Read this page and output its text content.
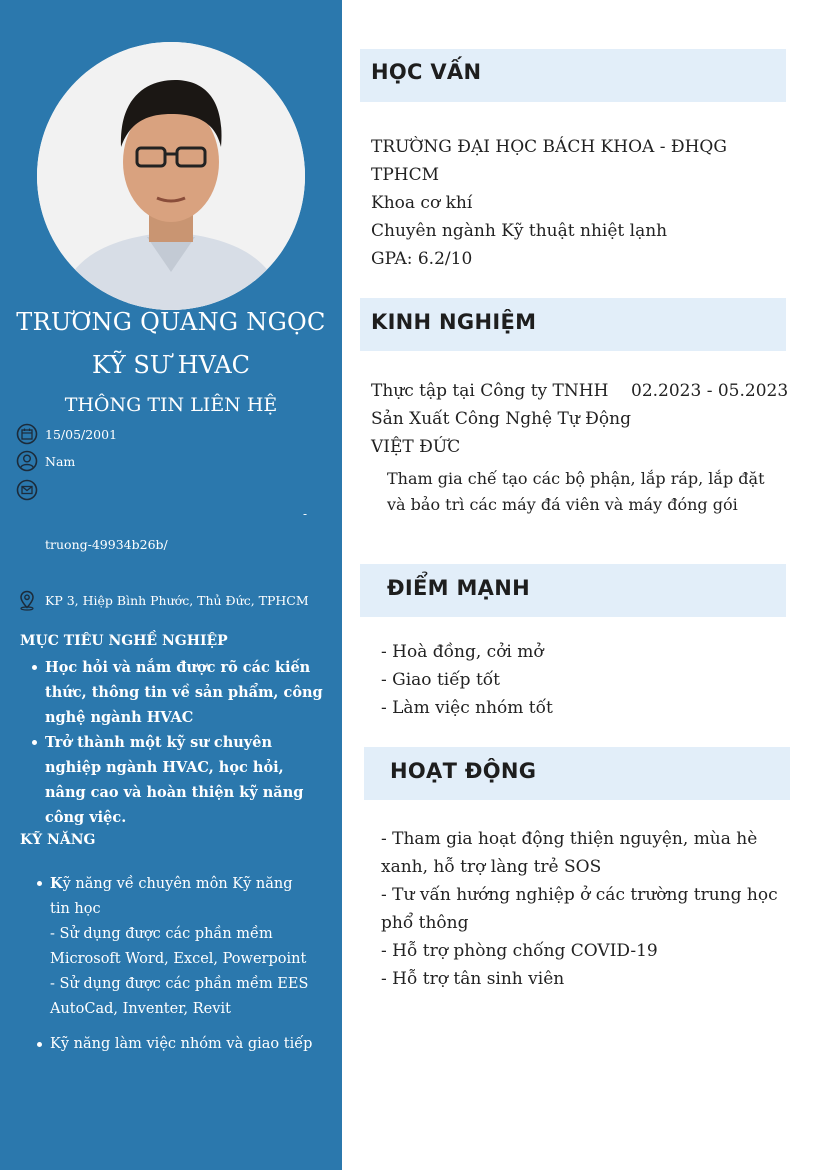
TRƯƠNG QUANG NGỌC
KỸ SƯ HVAC
THÔNG TIN LIÊN HỆ
15/05/2001
Nam
-
truong-49934b26b/
KP 3, Hiệp Bình Phước, Thủ Đức, TPHCM
MỤC TIÊU NGHỀ NGHIỆP
Học hỏi và nắm được rõ các kiến thức, thông tin về sản phẩm, công nghệ ngành HVAC
Trở thành một kỹ sư chuyên nghiệp ngành HVAC, học hỏi, nâng cao và hoàn thiện kỹ năng công việc.
KỸ NĂNG
Kỹ năng về chuyên môn Kỹ năng tin học
- Sử dụng được các phần mềm Microsoft Word, Excel, Powerpoint
- Sử dụng được các phần mềm EES AutoCad, Inventer, Revit
Kỹ năng làm việc nhóm và giao tiếp
HỌC VẤN
TRƯỜNG ĐẠI HỌC BÁCH KHOA - ĐHQG TPHCM
Khoa cơ khí
Chuyên ngành Kỹ thuật nhiệt lạnh
GPA: 6.2/10
KINH NGHIỆM
Thực tập tại Công ty TNHH
Sản Xuất Công Nghệ Tự Động
VIỆT ĐỨC
02.2023 - 05.2023
Tham gia chế tạo các bộ phận, lắp ráp, lắp đặt và bảo trì các máy đá viên và máy đóng gói
ĐIỂM MẠNH
- Hoà đồng, cởi mở
- Giao tiếp tốt
- Làm việc nhóm tốt
HOẠT ĐỘNG
- Tham gia hoạt động thiện nguyện, mùa hè xanh, hỗ trợ làng trẻ SOS
- Tư vấn hướng nghiệp ở các trường trung học phổ thông
- Hỗ trợ phòng chống COVID-19
- Hỗ trợ tân sinh viên
